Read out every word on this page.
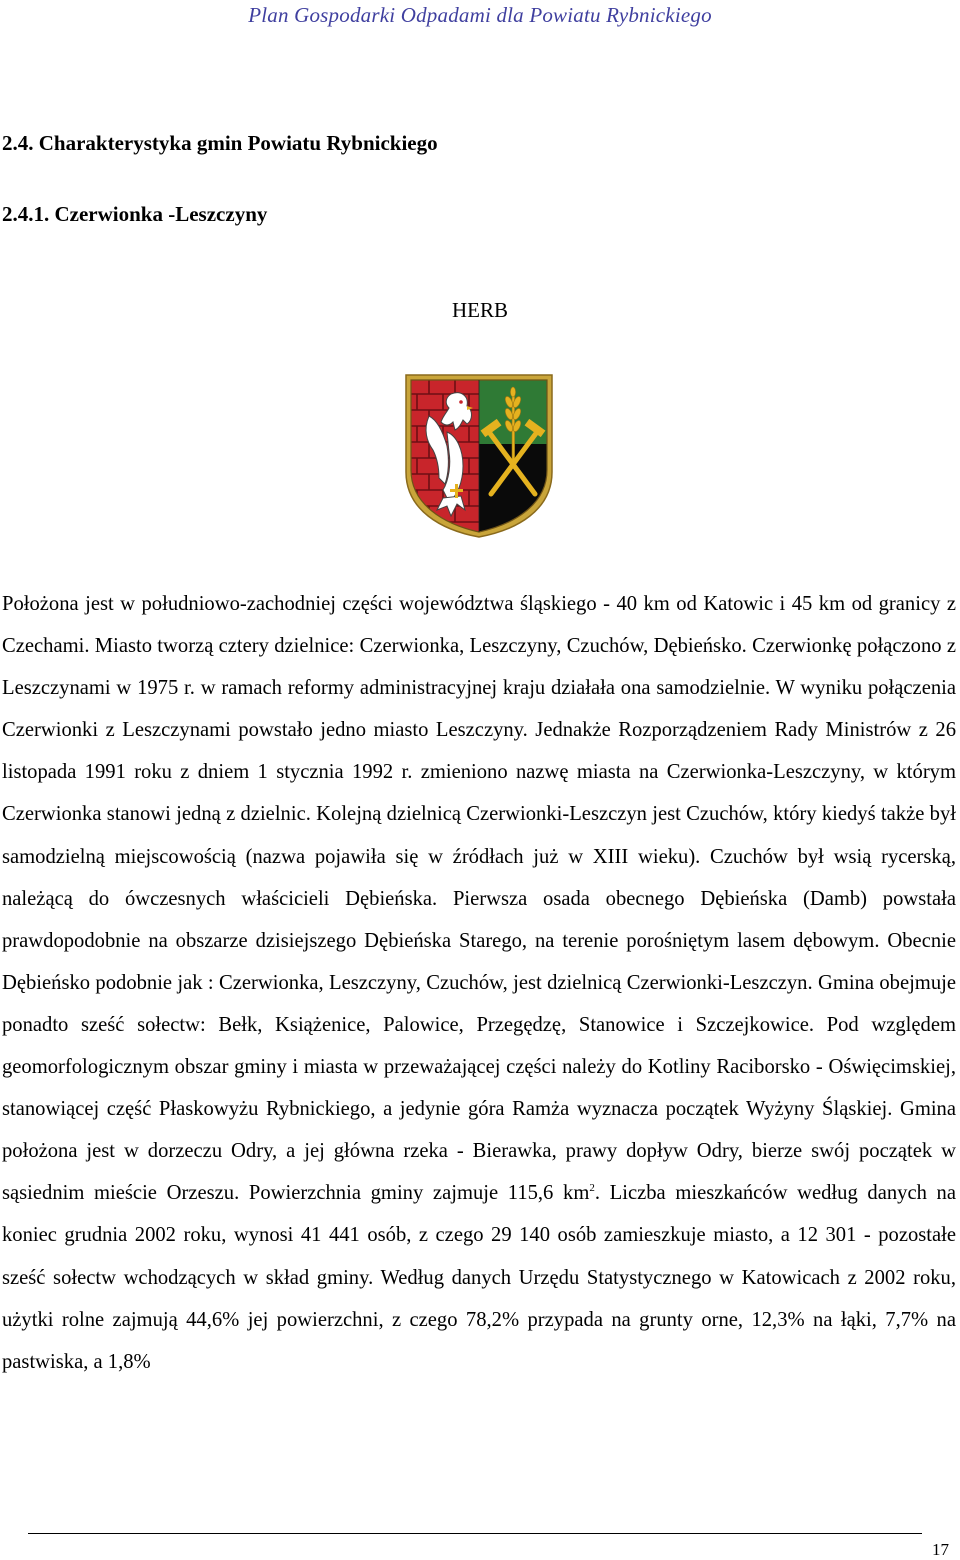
Plan Gospodarki Odpadami dla Powiatu Rybnickiego
2.4. Charakterystyka gmin Powiatu Rybnickiego
2.4.1. Czerwionka -Leszczyny
HERB

Położona jest w południowo-zachodniej części województwa śląskiego - 40 km od Katowic i 45 km od granicy z Czechami. Miasto tworzą cztery dzielnice: Czerwionka, Leszczyny, Czuchów, Dębieńsko. Czerwionkę połączono z Leszczynami w 1975 r. w ramach reformy administracyjnej kraju działała ona samodzielnie. W wyniku połączenia Czerwionki z Leszczynami powstało jedno miasto Leszczyny. Jednakże Rozporządzeniem Rady Ministrów z 26 listopada 1991 roku z dniem 1 stycznia 1992 r. zmieniono nazwę miasta na Czerwionka-Leszczyny, w którym Czerwionka stanowi jedną z dzielnic. Kolejną dzielnicą Czerwionki-Leszczyn jest Czuchów, który kiedyś także był samodzielną miejscowością (nazwa pojawiła się w źródłach już w XIII wieku). Czuchów był wsią rycerską, należącą do ówczesnych właścicieli Dębieńska. Pierwsza osada obecnego Dębieńska (Damb) powstała prawdopodobnie na obszarze dzisiejszego Dębieńska Starego, na terenie porośniętym lasem dębowym. Obecnie Dębieńsko podobnie jak : Czerwionka, Leszczyny, Czuchów, jest dzielnicą Czerwionki-Leszczyn. Gmina obejmuje ponadto sześć sołectw: Bełk, Książenice, Palowice, Przegędzę, Stanowice i Szczejkowice. Pod względem geomorfologicznym obszar gminy i miasta w przeważającej części należy do Kotliny Raciborsko - Oświęcimskiej, stanowiącej część Płaskowyżu Rybnickiego, a jedynie góra Ramża wyznacza początek Wyżyny Śląskiej. Gmina położona jest w dorzeczu Odry, a jej główna rzeka - Bierawka, prawy dopływ Odry, bierze swój początek w sąsiednim mieście Orzeszu. Powierzchnia gminy zajmuje 115,6 $km^2$. Liczba mieszkańców według danych na koniec grudnia 2002 roku, wynosi 41 441 osób, z czego 29 140 osób zamieszkuje miasto, a 12 301 - pozostałe sześć sołectw wchodzących w skład gminy. Według danych Urzędu Statystycznego w Katowicach z 2002 roku, użytki rolne zajmują 44,6% jej powierzchni, z czego 78,2% przypada na grunty orne, 12,3% na łąki, 7,7% na pastwiska, a 1,8%

17
